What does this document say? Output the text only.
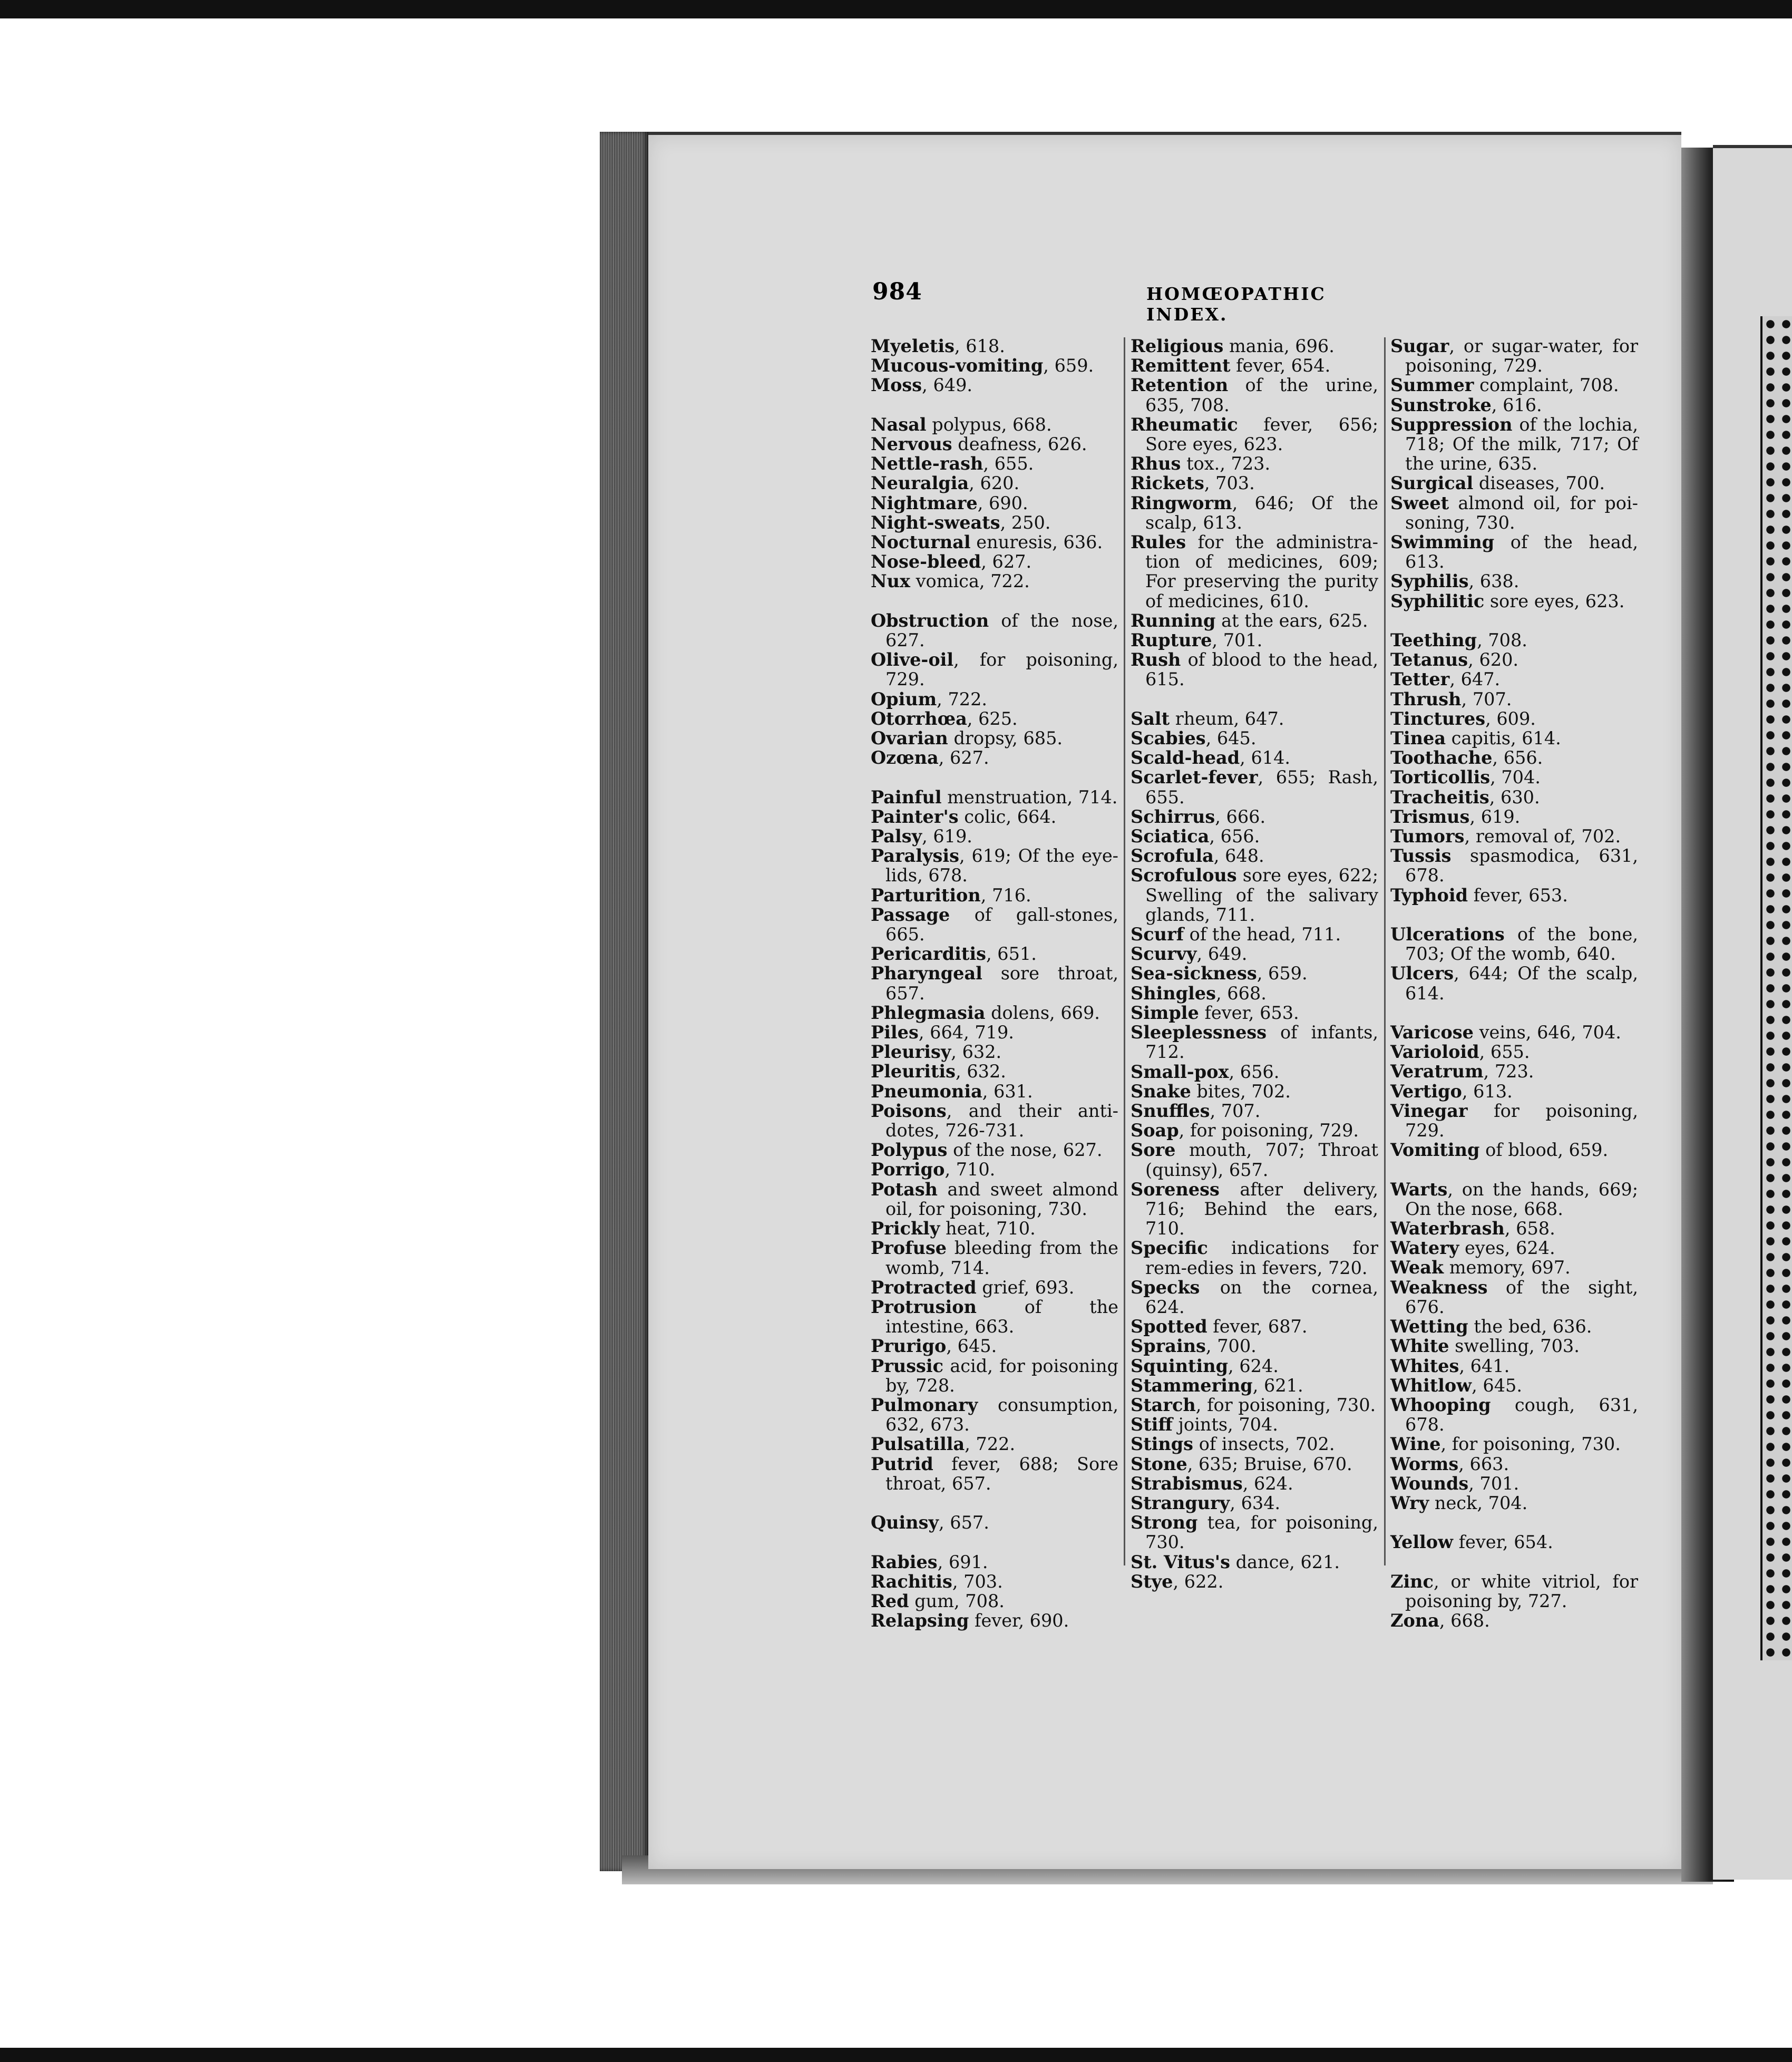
984	HOMŒOPATHIC INDEX.

Myeletis, 618.

Mucous-vomiting, 659.

Moss, 649.

Nasal polypus, 668.

Nervous deafness, 626.

Nettle-rash, 655.

Neuralgia, 620.

Nightmare, 690.

Night-sweats, 250.

Nocturnal enuresis, 636.

Nose-bleed, 627.

Nux vomica, 722.

Obstruction of the nose, 627.

Olive-oil, for poisoning, 729.

Opium, 722.

Otorrhœa, 625.

Ovarian dropsy, 685.

Ozœna, 627.

Painful menstruation, 714.

Painter's colic, 664.

Palsy, 619.

Paralysis, 619; Of the eye-lids, 678.

Parturition, 716.

Passage of gall-stones, 665.

Pericarditis, 651.

Pharyngeal sore throat, 657.

Phlegmasia dolens, 669.

Piles, 664, 719.

Pleurisy, 632.

Pleuritis, 632.

Pneumonia, 631.

Poisons, and their anti-dotes, 726-731.

Polypus of the nose, 627.

Porrigo, 710.

Potash and sweet almond oil, for poisoning, 730.

Prickly heat, 710.

Profuse bleeding from the womb, 714.

Protracted grief, 693.

Protrusion of the intestine, 663.

Prurigo, 645.

Prussic acid, for poisoning by, 728.

Pulmonary consumption, 632, 673.

Pulsatilla, 722.

Putrid fever, 688; Sore throat, 657.

Quinsy, 657.

Rabies, 691.

Rachitis, 703.

Red gum, 708.

Relapsing fever, 690.

Religious mania, 696.

Remittent fever, 654.

Retention of the urine, 635, 708.

Rheumatic fever, 656; Sore eyes, 623.

Rhus tox., 723.

Rickets, 703.

Ringworm, 646; Of the scalp, 613.

Rules for the administra-tion of medicines, 609; For preserving the purity of medicines, 610.

Running at the ears, 625.

Rupture, 701.

Rush of blood to the head, 615.

Salt rheum, 647.

Scabies, 645.

Scald-head, 614.

Scarlet-fever, 655; Rash, 655.

Schirrus, 666.

Sciatica, 656.

Scrofula, 648.

Scrofulous sore eyes, 622; Swelling of the salivary glands, 711.

Scurf of the head, 711.

Scurvy, 649.

Sea-sickness, 659.

Shingles, 668.

Simple fever, 653.

Sleeplessness of infants, 712.

Small-pox, 656.

Snake bites, 702.

Snuffles, 707.

Soap, for poisoning, 729.

Sore mouth, 707; Throat (quinsy), 657.

Soreness after delivery, 716; Behind the ears, 710.

Specific indications for rem-edies in fevers, 720.

Specks on the cornea, 624.

Spotted fever, 687.

Sprains, 700.

Squinting, 624.

Stammering, 621.

Starch, for poisoning, 730.

Stiff joints, 704.

Stings of insects, 702.

Stone, 635; Bruise, 670.

Strabismus, 624.

Strangury, 634.

Strong tea, for poisoning, 730.

St. Vitus's dance, 621.

Stye, 622.

Sugar, or sugar-water, for poisoning, 729.

Summer complaint, 708.

Sunstroke, 616.

Suppression of the lochia, 718; Of the milk, 717; Of the urine, 635.

Surgical diseases, 700.

Sweet almond oil, for poi-soning, 730.

Swimming of the head, 613.

Syphilis, 638.

Syphilitic sore eyes, 623.

Teething, 708.

Tetanus, 620.

Tetter, 647.

Thrush, 707.

Tinctures, 609.

Tinea capitis, 614.

Toothache, 656.

Torticollis, 704.

Tracheitis, 630.

Trismus, 619.

Tumors, removal of, 702.

Tussis spasmodica, 631, 678.

Typhoid fever, 653.

Ulcerations of the bone, 703; Of the womb, 640.

Ulcers, 644; Of the scalp, 614.

Varicose veins, 646, 704.

Varioloid, 655.

Veratrum, 723.

Vertigo, 613.

Vinegar for poisoning, 729.

Vomiting of blood, 659.

Warts, on the hands, 669; On the nose, 668.

Waterbrash, 658.

Watery eyes, 624.

Weak memory, 697.

Weakness of the sight, 676.

Wetting the bed, 636.

White swelling, 703.

Whites, 641.

Whitlow, 645.

Whooping cough, 631, 678.

Wine, for poisoning, 730.

Worms, 663.

Wounds, 701.

Wry neck, 704.

Yellow fever, 654.

Zinc, or white vitriol, for poisoning by, 727.

Zona, 668.
